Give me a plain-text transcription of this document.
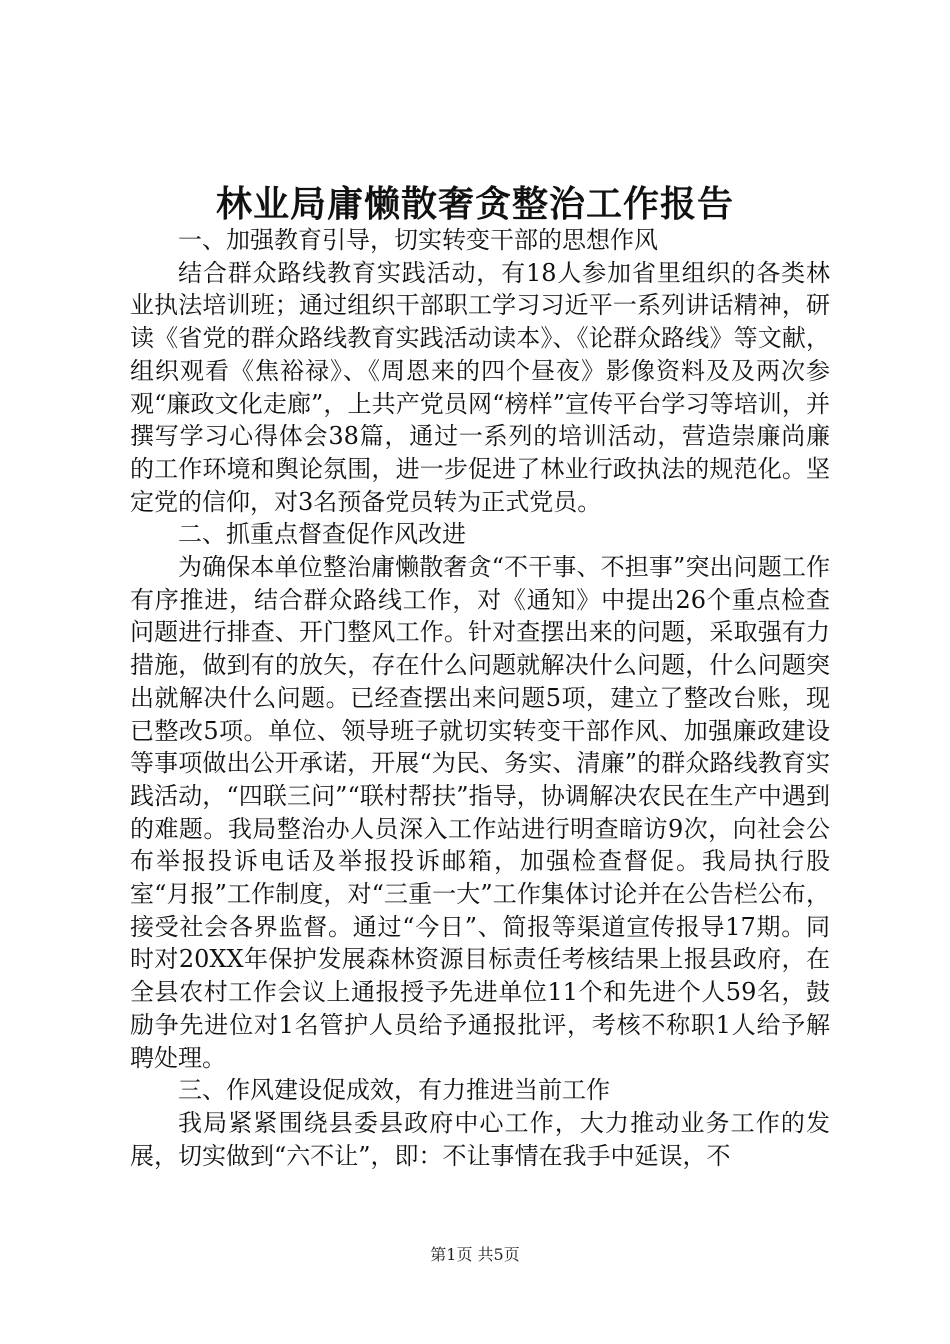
林业局庸懒散奢贪整治工作报告

一、加强教育引导，切实转变干部的思想作风

结合群众路线教育实践活动，有18人参加省里组织的各类林业执法培训班；通过组织干部职工学习习近平一系列讲话精神，研读《省党的群众路线教育实践活动读本》、《论群众路线》等文献，组织观看《焦裕禄》、《周恩来的四个昼夜》影像资料及及两次参观“廉政文化走廊”，上共产党员网“榜样”宣传平台学习等培训，并撰写学习心得体会38篇，通过一系列的培训活动，营造崇廉尚廉的工作环境和舆论氛围，进一步促进了林业行政执法的规范化。坚定党的信仰，对3名预备党员转为正式党员。

二、抓重点督查促作风改进

为确保本单位整治庸懒散奢贪“不干事、不担事”突出问题工作有序推进，结合群众路线工作，对《通知》中提出26个重点检查问题进行排查、开门整风工作。针对查摆出来的问题，采取强有力措施，做到有的放矢，存在什么问题就解决什么问题，什么问题突出就解决什么问题。已经查摆出来问题5项，建立了整改台账，现已整改5项。单位、领导班子就切实转变干部作风、加强廉政建设等事项做出公开承诺，开展“为民、务实、清廉”的群众路线教育实践活动，“四联三问”“联村帮扶”指导，协调解决农民在生产中遇到的难题。我局整治办人员深入工作站进行明查暗访9次，向社会公布举报投诉电话及举报投诉邮箱，加强检查督促。我局执行股室“月报”工作制度，对“三重一大”工作集体讨论并在公告栏公布，接受社会各界监督。通过“今日”、简报等渠道宣传报导17期。同时对20XX年保护发展森林资源目标责任考核结果上报县政府，在全县农村工作会议上通报授予先进单位11个和先进个人59名，鼓励争先进位对1名管护人员给予通报批评，考核不称职1人给予解聘处理。

三、作风建设促成效，有力推进当前工作

我局紧紧围绕县委县政府中心工作，大力推动业务工作的发展，切实做到“六不让”，即：不让事情在我手中延误，不

第1页 共5页
